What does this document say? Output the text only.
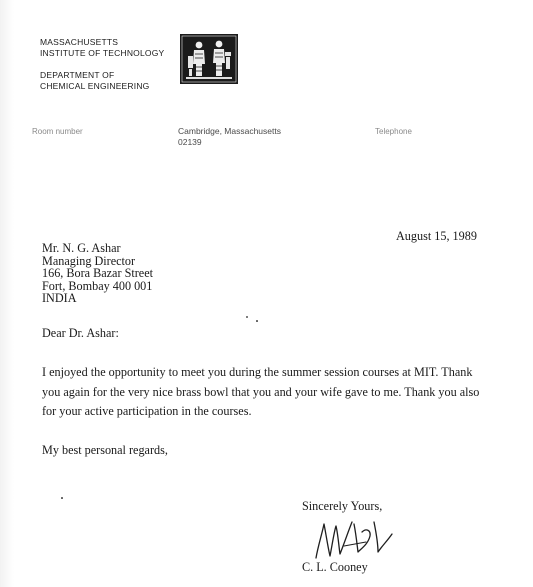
MASSACHUSETTS
INSTITUTE OF TECHNOLOGY
DEPARTMENT OF
CHEMICAL ENGINEERING
Room number	Cambridge, Massachusetts
02139
Telephone
August 15, 1989
Mr. N. G. Ashar
Managing Director
166, Bora Bazar Street
Fort, Bombay 400 001
INDIA
Dear Dr. Ashar:
I enjoyed the opportunity to meet you during the summer session courses at MIT. Thank
you again for the very nice brass bowl that you and your wife gave to me. Thank you also
for your active participation in the courses.
My best personal regards,
Sincerely Yours,
C. L. Cooney
